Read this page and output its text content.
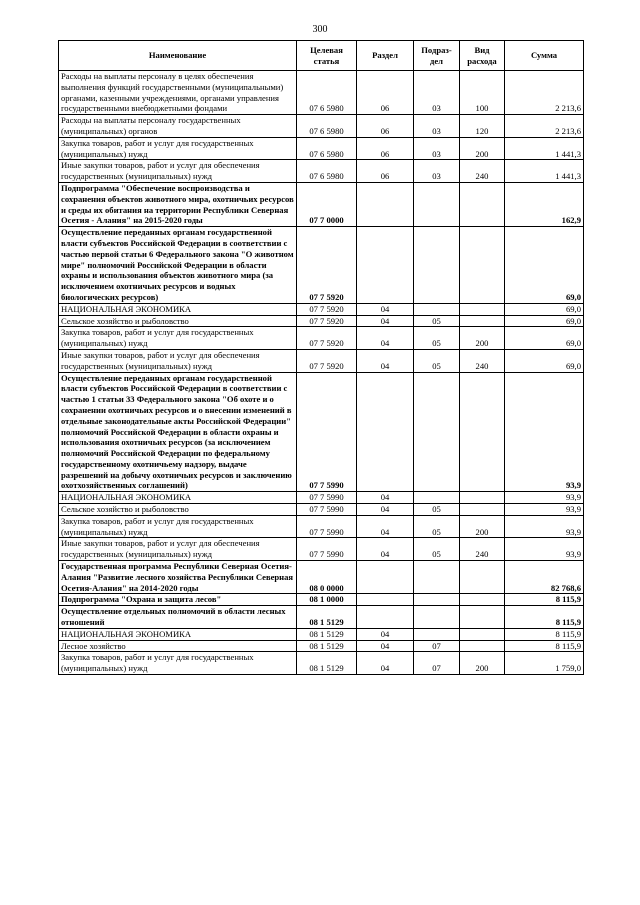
300
Наименование	Целевая статья	Раздел	Подраз-дел	Вид расхода	Сумма
Расходы на выплаты персоналу в целях обеспечения выполнения функций государственными (муниципальными) органами, казенными учреждениями, органами управления государственными внебюджетными фондами	07 6 5980	06	03	100	2 213,6
Расходы на выплаты персоналу государственных (муниципальных) органов	07 6 5980	06	03	120	2 213,6
Закупка товаров, работ и услуг для государственных (муниципальных) нужд	07 6 5980	06	03	200	1 441,3
Иные закупки товаров, работ и услуг для обеспечения государственных (муниципальных) нужд	07 6 5980	06	03	240	1 441,3
Подпрограмма "Обеспечение воспроизводства и сохранения объектов животного мира, охотничьих ресурсов и среды их обитания на территории Республики Северная Осетия - Алания" на 2015-2020 годы	07 7 0000				162,9
Осуществление переданных органам государственной власти субъектов Российской Федерации в соответствии с частью первой статьи 6 Федерального закона "О животном мире" полномочий Российской Федерации в области охраны и использования объектов животного мира (за исключением охотничьих ресурсов и водных биологических ресурсов)	07 7 5920				69,0
НАЦИОНАЛЬНАЯ ЭКОНОМИКА	07 7 5920	04			69,0
Сельское хозяйство и рыболовство	07 7 5920	04	05		69,0
Закупка товаров, работ и услуг для государственных (муниципальных) нужд	07 7 5920	04	05	200	69,0
Иные закупки товаров, работ и услуг для обеспечения государственных (муниципальных) нужд	07 7 5920	04	05	240	69,0
Осуществление переданных органам государственной власти субъектов Российской Федерации в соответствии с частью 1 статьи 33 Федерального закона "Об охоте и о сохранении охотничьих ресурсов и о внесении изменений в отдельные законодательные акты Российской Федерации" полномочий Российской Федерации в области охраны и использования охотничьих ресурсов (за исключением полномочий Российской Федерации по федеральному государственному охотничьему надзору, выдаче разрешений на добычу охотничьих ресурсов и заключению охотхозяйственных соглашений)	07 7 5990				93,9
НАЦИОНАЛЬНАЯ ЭКОНОМИКА	07 7 5990	04			93,9
Сельское хозяйство и рыболовство	07 7 5990	04	05		93,9
Закупка товаров, работ и услуг для государственных (муниципальных) нужд	07 7 5990	04	05	200	93,9
Иные закупки товаров, работ и услуг для обеспечения государственных (муниципальных) нужд	07 7 5990	04	05	240	93,9
Государственная программа Республики Северная Осетия-Алания "Развитие лесного хозяйства Республики Северная Осетия-Алания" на 2014-2020 годы	08 0 0000				82 768,6
Подпрограмма "Охрана и защита лесов"	08 1 0000				8 115,9
Осуществление отдельных полномочий в области лесных отношений	08 1 5129				8 115,9
НАЦИОНАЛЬНАЯ ЭКОНОМИКА	08 1 5129	04			8 115,9
Лесное хозяйство	08 1 5129	04	07		8 115,9
Закупка товаров, работ и услуг для государственных (муниципальных) нужд	08 1 5129	04	07	200	1 759,0
